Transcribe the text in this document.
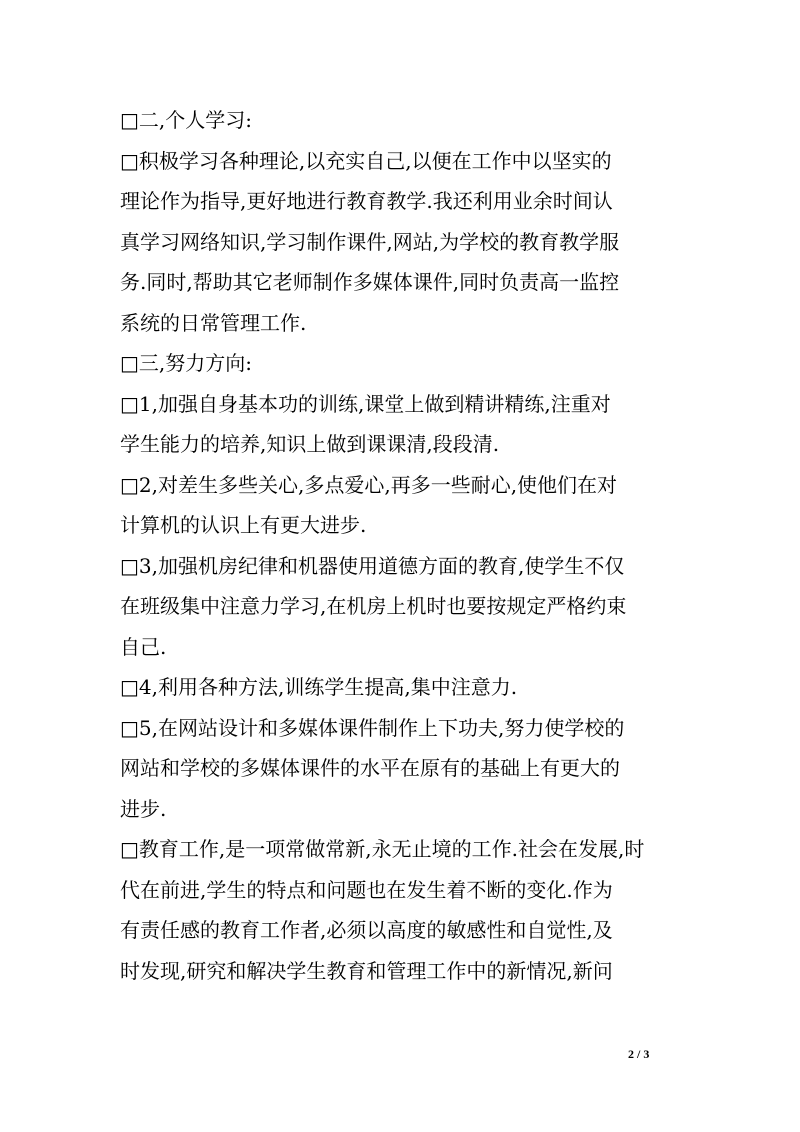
□二,个人学习:
□积极学习各种理论,以充实自己,以便在工作中以坚实的
理论作为指导,更好地进行教育教学.我还利用业余时间认
真学习网络知识,学习制作课件,网站,为学校的教育教学服
务.同时,帮助其它老师制作多媒体课件,同时负责高一监控
系统的日常管理工作.
□三,努力方向:
□1,加强自身基本功的训练,课堂上做到精讲精练,注重对
学生能力的培养,知识上做到课课清,段段清.
□2,对差生多些关心,多点爱心,再多一些耐心,使他们在对
计算机的认识上有更大进步.
□3,加强机房纪律和机器使用道德方面的教育,使学生不仅
在班级集中注意力学习,在机房上机时也要按规定严格约束
自己.
□4,利用各种方法,训练学生提高,集中注意力.
□5,在网站设计和多媒体课件制作上下功夫,努力使学校的
网站和学校的多媒体课件的水平在原有的基础上有更大的
进步.
□教育工作,是一项常做常新,永无止境的工作.社会在发展,时
代在前进,学生的特点和问题也在发生着不断的变化.作为
有责任感的教育工作者,必须以高度的敏感性和自觉性,及
时发现,研究和解决学生教育和管理工作中的新情况,新问
2 / 3
